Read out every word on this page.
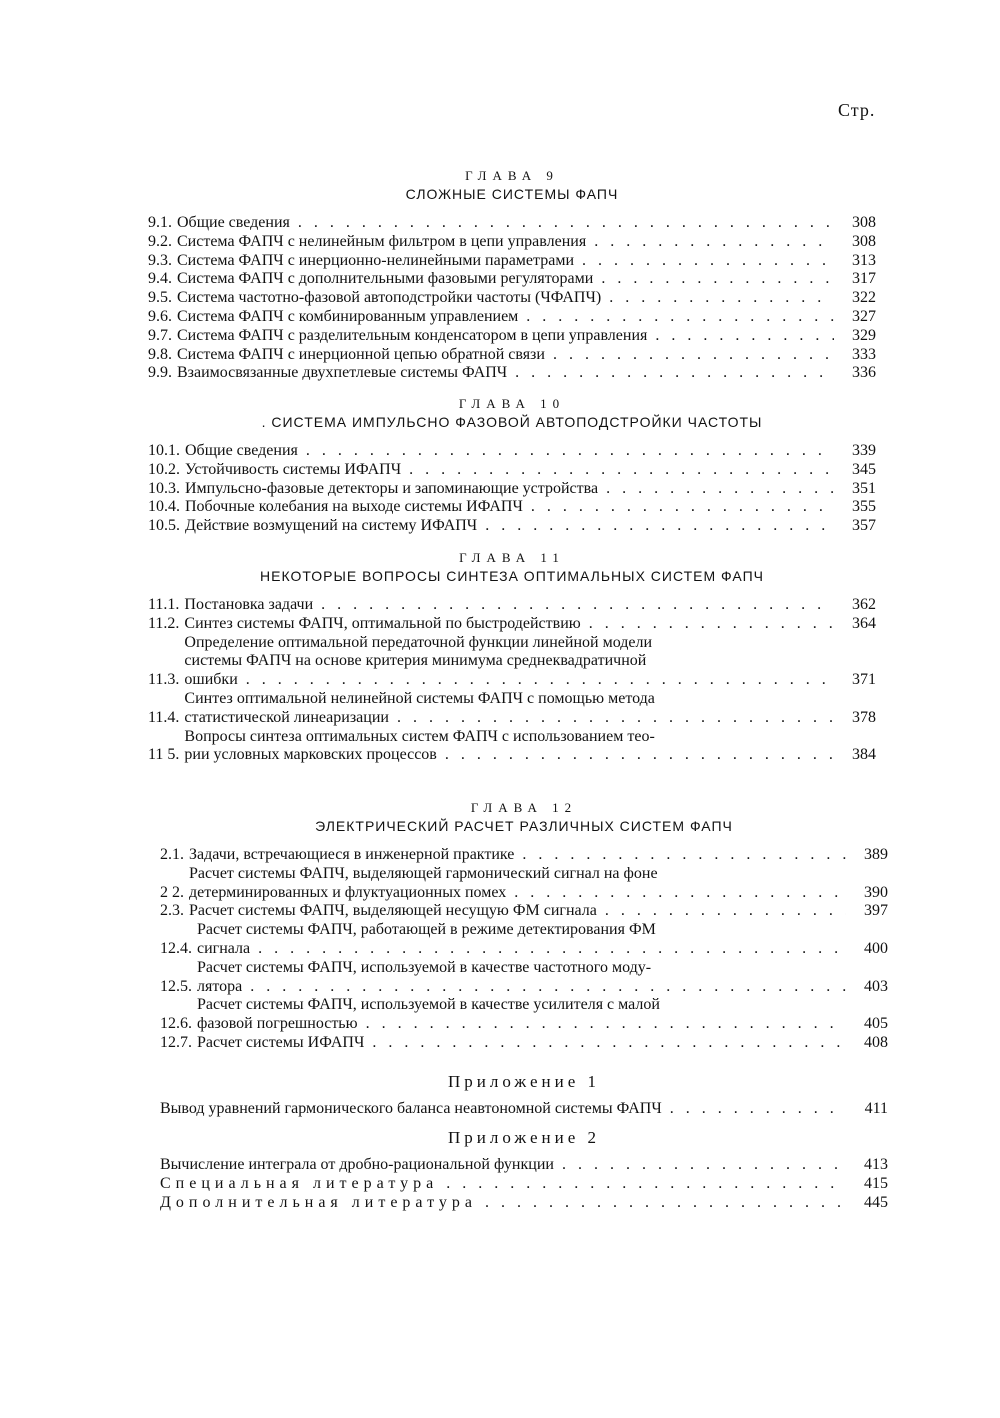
Стр.
ГЛАВА 9
СЛОЖНЫЕ СИСТЕМЫ ФАПЧ
9.1. Общие сведения . .	308
9.2. Система ФАПЧ с нелинейным фильтром в цепи управления . .	308
9.3. Система ФАПЧ с инерционно-нелинейными параметрами . .	313
9.4. Система ФАПЧ с дополнительными фазовыми регуляторами . .	317
9.5. Система частотно-фазовой автоподстройки частоты (ЧФАПЧ) . .	322
9.6. Система ФАПЧ с комбинированным управлением . .	327
9.7. Система ФАПЧ с разделительным конденсатором в цепи управления . .	329
9.8. Система ФАПЧ с инерционной цепью обратной связи . .	333
9.9. Взаимосвязанные двухпетлевые системы ФАПЧ . .	336
ГЛАВА 10
. СИСТЕМА ИМПУЛЬСНО ФАЗОВОЙ АВТОПОДСТРОЙКИ ЧАСТОТЫ
10.1. Общие сведения . .	339
10.2. Устойчивость системы ИФАПЧ . .	345
10.3. Импульсно-фазовые детекторы и запоминающие устройства . .	351
10.4. Побочные колебания на выходе системы ИФАПЧ . .	355
10.5. Действие возмущений на систему ИФАПЧ . .	357
ГЛАВА 11
НЕКОТОРЫЕ ВОПРОСЫ СИНТЕЗА ОПТИМАЛЬНЫХ СИСТЕМ ФАПЧ
11.1. Постановка задачи . .	362
11.2. Синтез системы ФАПЧ, оптимальной по быстродействию . .	364
11.3.
Определение оптимальной передаточной функции линейной модели
системы ФАПЧ на основе критерия минимума среднеквадратичной
ошибки . .	371
11.4.
Синтез оптимальной нелинейной системы ФАПЧ с помощью метода
статистической линеаризации . .	378
11 5.
Вопросы синтеза оптимальных систем ФАПЧ с использованием тео-
рии условных марковских процессов . .	384
ГЛАВА 12
ЭЛЕКТРИЧЕСКИЙ РАСЧЕТ РАЗЛИЧНЫХ СИСТЕМ ФАПЧ
2.1. Задачи, встречающиеся в инженерной практике . .	389
2 2.
Расчет системы ФАПЧ, выделяющей гармонический сигнал на фоне
детерминированных и флуктуационных помех . .	390
2.3. Расчет системы ФАПЧ, выделяющей несущую ФМ сигнала . .	397
12.4.
Расчет системы ФАПЧ, работающей в режиме детектирования ФМ
сигнала . .	400
12.5.
Расчет системы ФАПЧ, используемой в качестве частотного моду-
лятора . .	403
12.6.
Расчет системы ФАПЧ, используемой в качестве усилителя с малой
фазовой погрешностью . .	405
12.7. Расчет системы ИФАПЧ . .	408
Приложение 1
Вывод уравнений гармонического баланса неавтономной системы ФАПЧ . .	411
Приложение 2
Вычисление интеграла от дробно-рациональной функции . .	413
Специальная литература . .	415
Дополнительная литература . .	445
